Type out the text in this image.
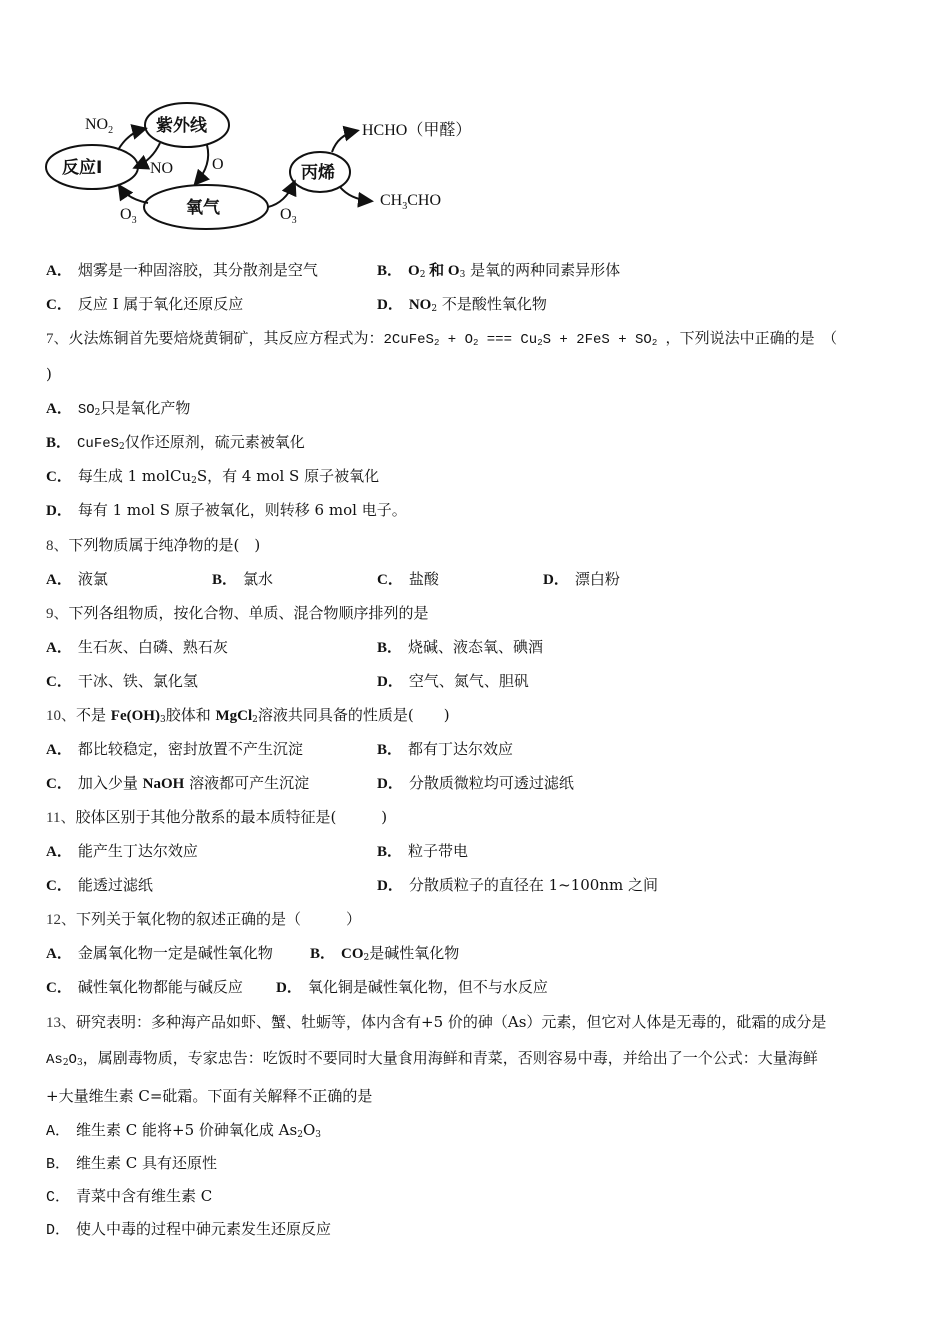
紫外线
反应I
氧气
丙烯
$NO_2$
NO O
$O_3$	$O_3$
HCHO（甲醛）
$CH_3CHO$
A． 烟雾是一种固溶胶，其分散剂是空气	B． $O_2$ 和 $O_3$ 是氧的两种同素异形体
C． 反应 I 属于氧化还原反应	D． $NO_2$ 不是酸性氧化物
7、火法炼铜首先要焙烧黄铜矿，其反应方程式为：2CuFeS$_2$ + $O_2$ === $Cu_2S + 2FeS + SO_2$ ，下列说法中正确的是　（
)
A． $SO_2$只是氧化产物
B． CuFeS$_2$仅作还原剂，硫元素被氧化
C． 每生成 1 molCu$_2$S，有 4 mol S 原子被氧化
D． 每有 1 mol S 原子被氧化，则转移 6 mol 电子。
8、下列物质属于纯净物的是(　)
A． 液氯	B． 氯水	C． 盐酸	D． 漂白粉
9、下列各组物质，按化合物、单质、混合物顺序排列的是
A． 生石灰、白磷、熟石灰	B． 烧碱、液态氧、碘酒
C． 干冰、铁、氯化氢	D． 空气、氮气、胆矾
10、不是 $Fe(OH)_3$胶体和 MgCl$_2$溶液共同具备的性质是(　　)
A． 都比较稳定，密封放置不产生沉淀	B． 都有丁达尔效应
C． 加入少量 NaOH 溶液都可产生沉淀	D． 分散质微粒均可透过滤纸
11、胶体区别于其他分散系的最本质特征是(　　　)
A． 能产生丁达尔效应	B． 粒子带电
C． 能透过滤纸	D． 分散质粒子的直径在 1~100nm 之间
12、下列关于氧化物的叙述正确的是（　　　）
A． 金属氧化物一定是碱性氧化物 B． $CO_2$是碱性氧化物
C． 碱性氧化物都能与碱反应 D． 氧化铜是碱性氧化物，但不与水反应
13、研究表明：多种海产品如虾、蟹、牡蛎等，体内含有+5 价的砷（As）元素，但它对人体是无毒的，砒霜的成分是
$As_2O_3$，属剧毒物质，专家忠告：吃饭时不要同时大量食用海鲜和青菜，否则容易中毒，并给出了一个公式：大量海鲜
+大量维生素 C=砒霜。下面有关解释不正确的是
A． 维生素 C 能将+5 价砷氧化成 $As_2O_3$
B． 维生素 C 具有还原性
C． 青菜中含有维生素 C
D． 使人中毒的过程中砷元素发生还原反应
